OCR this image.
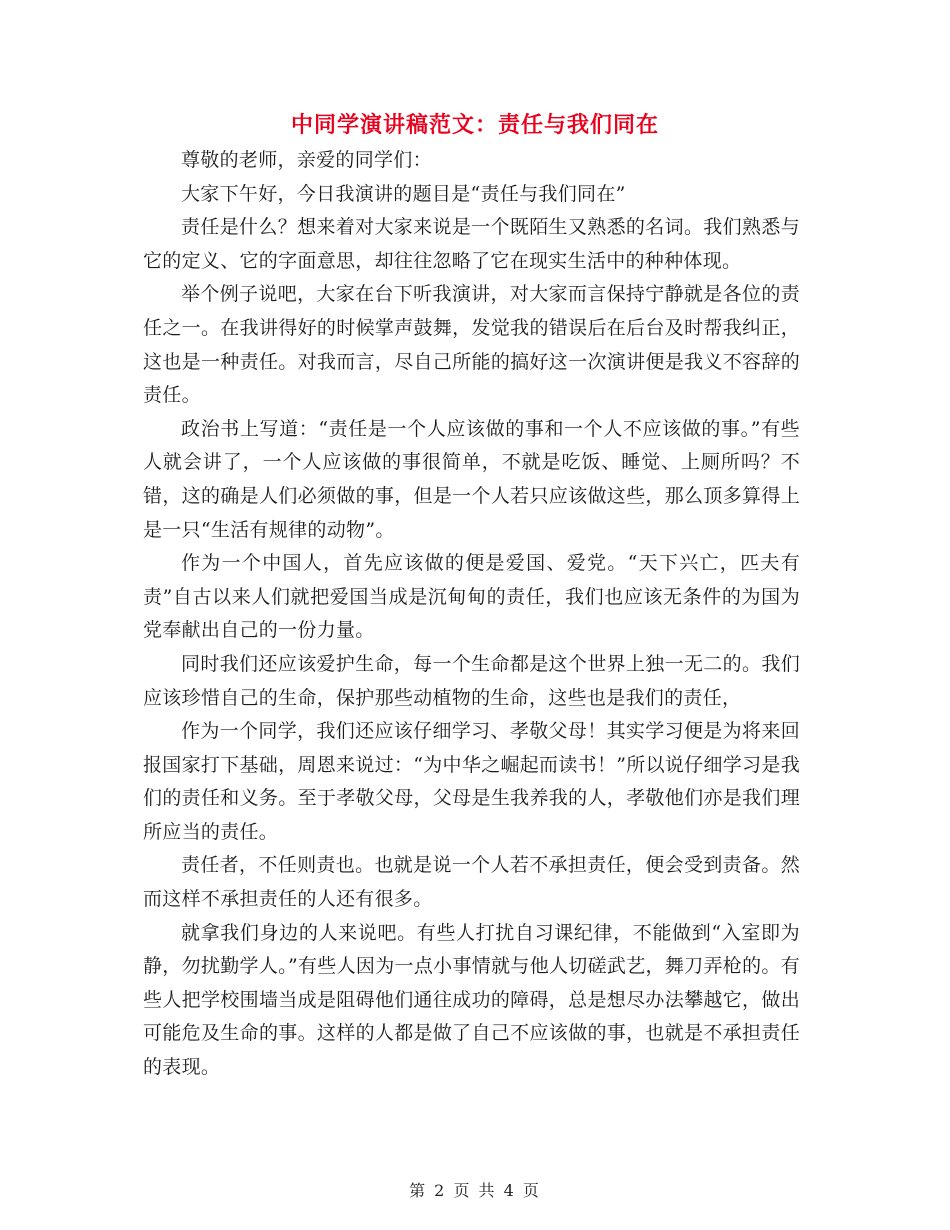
中同学演讲稿范文：责任与我们同在

尊敬的老师，亲爱的同学们：

大家下午好，今日我演讲的题目是“责任与我们同在”

责任是什么？想来着对大家来说是一个既陌生又熟悉的名词。我们熟悉与它的定义、它的字面意思，却往往忽略了它在现实生活中的种种体现。

举个例子说吧，大家在台下听我演讲，对大家而言保持宁静就是各位的责任之一。在我讲得好的时候掌声鼓舞，发觉我的错误后在后台及时帮我纠正，这也是一种责任。对我而言，尽自己所能的搞好这一次演讲便是我义不容辞的责任。

政治书上写道：“责任是一个人应该做的事和一个人不应该做的事。”有些人就会讲了，一个人应该做的事很简单，不就是吃饭、睡觉、上厕所吗？不错，这的确是人们必须做的事，但是一个人若只应该做这些，那么顶多算得上是一只“生活有规律的动物”。

作为一个中国人，首先应该做的便是爱国、爱党。“天下兴亡，匹夫有责”自古以来人们就把爱国当成是沉甸甸的责任，我们也应该无条件的为国为党奉献出自己的一份力量。

同时我们还应该爱护生命，每一个生命都是这个世界上独一无二的。我们应该珍惜自己的生命，保护那些动植物的生命，这些也是我们的责任，

作为一个同学，我们还应该仔细学习、孝敬父母！其实学习便是为将来回报国家打下基础，周恩来说过：“为中华之崛起而读书！”所以说仔细学习是我们的责任和义务。至于孝敬父母，父母是生我养我的人，孝敬他们亦是我们理所应当的责任。

责任者，不任则责也。也就是说一个人若不承担责任，便会受到责备。然而这样不承担责任的人还有很多。

就拿我们身边的人来说吧。有些人打扰自习课纪律，不能做到“入室即为静，勿扰勤学人。”有些人因为一点小事情就与他人切磋武艺，舞刀弄枪的。有些人把学校围墙当成是阻碍他们通往成功的障碍，总是想尽办法攀越它，做出可能危及生命的事。这样的人都是做了自己不应该做的事，也就是不承担责任的表现。

第 2 页 共 4 页
